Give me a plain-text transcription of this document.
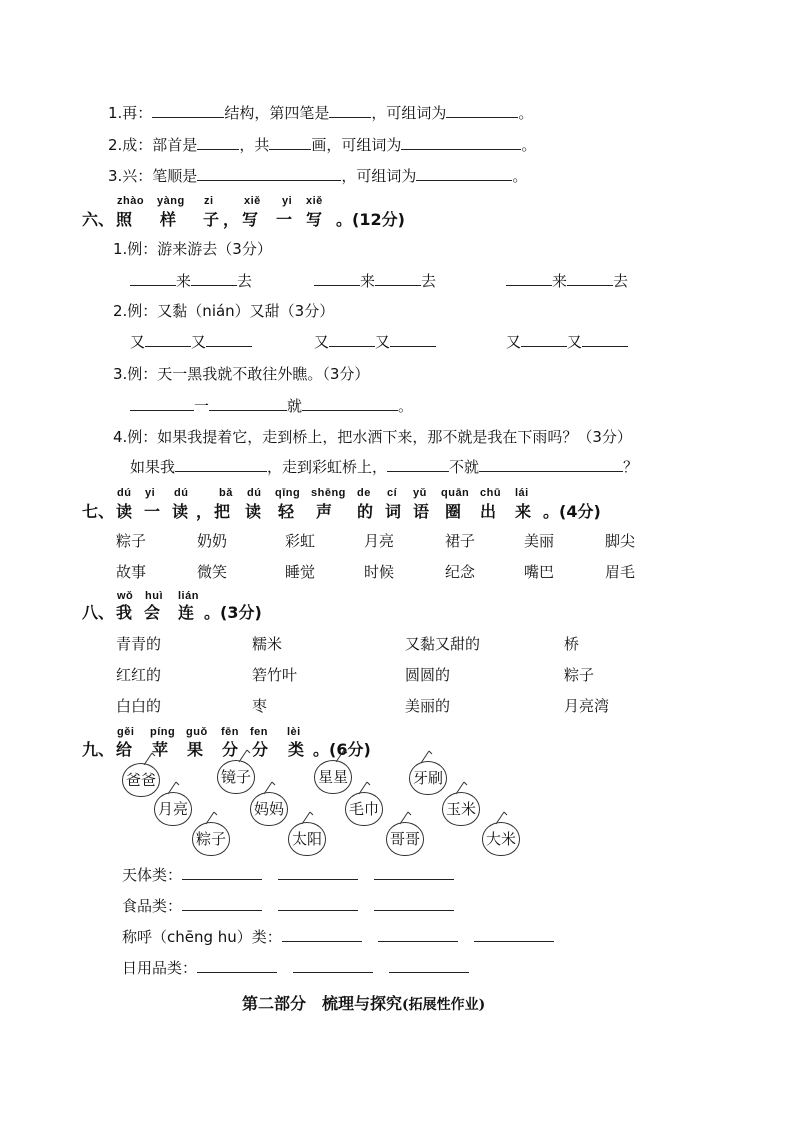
1.再：	结构，第四笔是	，可组词为	。
2.成：部首是	，共	画，可组词为	。
3.兴：笔顺是	，可组词为	。
六、
zhào yàng zi	xiě yi xiě
照 样 子 ， 写 一 写 。(12分)
1.例：游来游去（3分）
来	去	来	去	来	去
2.例：又黏（nián）又甜（3分）
又	又	又	又	又	又
3.例：天一黑我就不敢往外瞧。（3分）
一	就	。
4.例：如果我提着它，走到桥上，把水洒下来，那不就是我在下雨吗？（3分）
如果我	，走到彩虹桥上，	不就	？
七、
dú yi dú	bǎ dú qīng shēng de cí yǔ quān chū lái
读 一 读 ， 把 读 轻 声 的 词 语 圈 出 来 。(4分)
粽子	奶奶	彩虹	月亮	裙子	美丽	脚尖
故事	微笑	睡觉	时候	纪念	嘴巴	眉毛
八、
wǒ huì lián
我 会 连 。(3分)
青青的	糯米	又黏又甜的	桥
红红的	箬竹叶	圆圆的	粽子
白白的	枣	美丽的	月亮湾
九、
gěi píng guǒ fēn fen lèi
给 苹 果 分 分 类 。(6分)
爸爸	镜子	星星	牙刷
月亮	妈妈	毛巾	玉米
粽子	太阳	哥哥	大米
天体类：
食品类：
称呼（chēng hu）类：
日用品类：
第二部分　梳理与探究(拓展性作业)
